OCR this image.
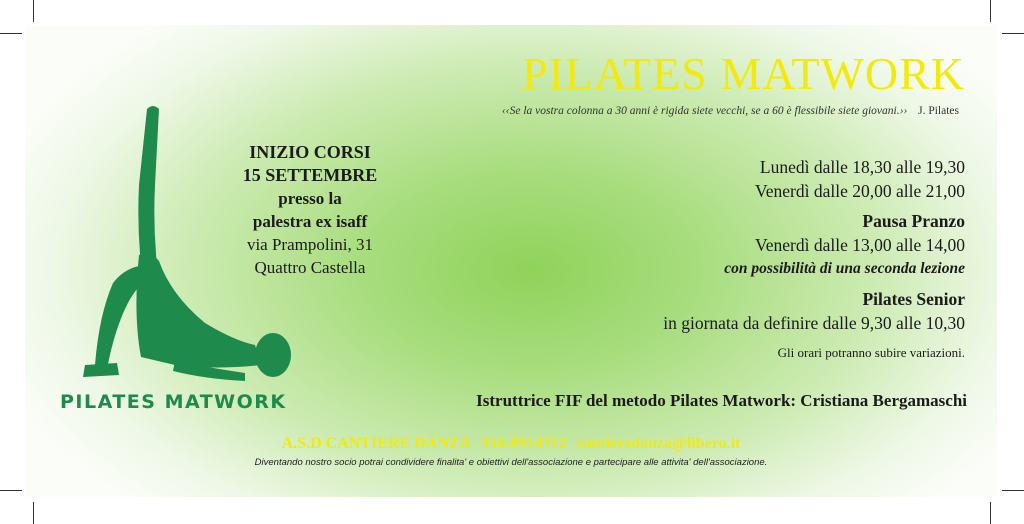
PILATES MATWORK
PILATES MATWORK
‹‹Se la vostra colonna a 30 anni è rigida siete vecchi, se a 60 è flessibile siete giovani.›› J. Pilates
INIZIO CORSI
15 SETTEMBRE
presso la
palestra ex isaff
via Prampolini, 31
Quattro Castella
Lunedì dalle 18,30 alle 19,30
Venerdì dalle 20,00 alle 21,00
Pausa Pranzo
Venerdì dalle 13,00 alle 14,00
con possibilità di una seconda lezione
Pilates Senior
in giornata da definire dalle 9,30 alle 10,30
Gli orari potranno subire variazioni.
Istruttrice FIF del metodo Pilates Matwork: Cristiana Bergamaschi
A.S.D CANTIERE DANZA 334-8914312 cantieredanza@libero.it
Diventando nostro socio potrai condividere finalita' e obiettivi dell'associazione e partecipare alle attivita' dell'associazione.
